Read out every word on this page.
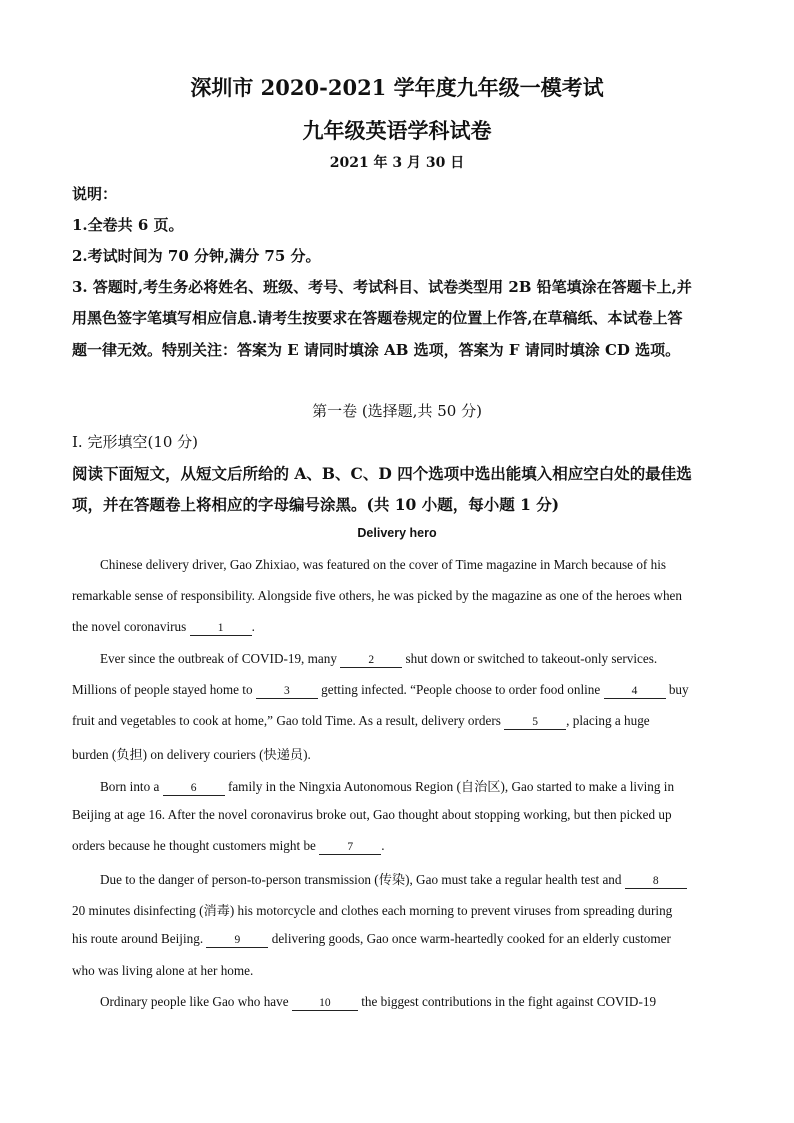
深圳市 2020-2021 学年度九年级一模考试
九年级英语学科试卷
2021 年 3 月 30 日
说明：
1.全卷共 6 页。
2.考试时间为 70 分钟,满分 75 分。
3. 答题时,考生务必将姓名、班级、考号、考试科目、试卷类型用 2B 铅笔填涂在答题卡上,并
用黑色签字笔填写相应信息.请考生按要求在答题卷规定的位置上作答,在草稿纸、本试卷上答
题一律无效。特别关注：答案为 E 请同时填涂 AB 选项，答案为 F 请同时填涂 CD 选项。
第一卷 (选择题,共 50 分)
I. 完形填空(10 分)
阅读下面短文，从短文后所给的 A、B、C、D 四个选项中选出能填入相应空白处的最佳选
项，并在答题卷上将相应的字母编号涂黑。(共 10 小题，每小题 1 分)
Delivery hero
Chinese delivery driver, Gao Zhixiao, was featured on the cover of Time magazine in March because of his
remarkable sense of responsibility. Alongside five others, he was picked by the magazine as one of the heroes when
the novel coronavirus 1 .
Ever since the outbreak of COVID-19, many 2 shut down or switched to takeout-only services.
Millions of people stayed home to 3 getting infected. “People choose to order food online 4 buy
fruit and vegetables to cook at home,” Gao told Time. As a result, delivery orders 5 , placing a huge
burden (负担) on delivery couriers (快递员).
Born into a 6 family in the Ningxia Autonomous Region (自治区), Gao started to make a living in
Beijing at age 16. After the novel coronavirus broke out, Gao thought about stopping working, but then picked up
orders because he thought customers might be 7 .
Due to the danger of person-to-person transmission (传染), Gao must take a regular health test and 8
20 minutes disinfecting (消毒) his motorcycle and clothes each morning to prevent viruses from spreading during
his route around Beijing. 9 delivering goods, Gao once warm-heartedly cooked for an elderly customer
who was living alone at her home.
Ordinary people like Gao who have 10 the biggest contributions in the fight against COVID-19
